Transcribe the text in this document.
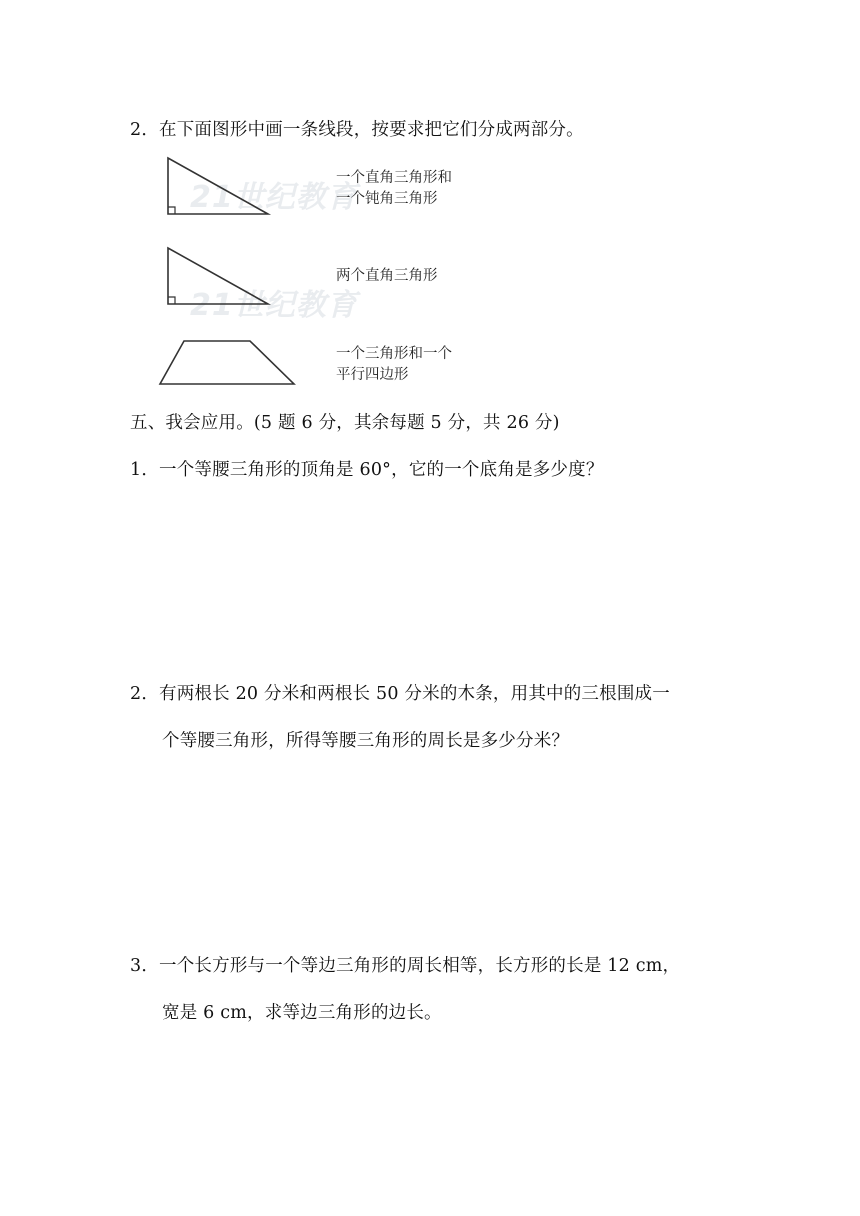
2．在下面图形中画一条线段，按要求把它们分成两部分。
21世纪教育
21世纪教育
一个直角三角形和
一个钝角三角形
两个直角三角形
一个三角形和一个
平行四边形
五、我会应用。(5 题 6 分，其余每题 5 分，共 26 分)
1．一个等腰三角形的顶角是 60°，它的一个底角是多少度？
2．有两根长 20 分米和两根长 50 分米的木条，用其中的三根围成一
个等腰三角形，所得等腰三角形的周长是多少分米？
3．一个长方形与一个等边三角形的周长相等，长方形的长是 12 cm，
宽是 6 cm，求等边三角形的边长。
